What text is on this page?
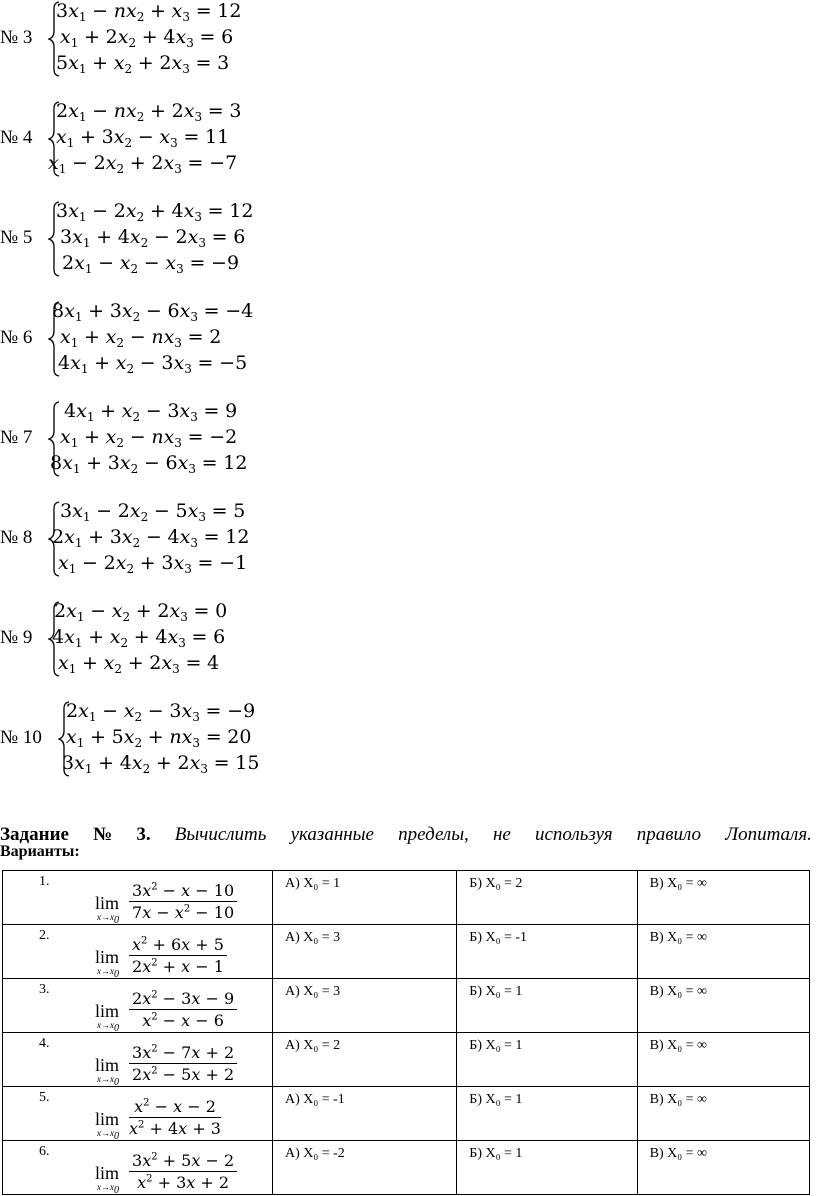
№ 3
$3x_1$  −  $nx_2$  +  $x_3$  =  12
$x_1$  +  $2x_2$  +  $4x_3$  =  6
$5x_1$  +  $x_2$  +  $2x_3$  =  3
№ 4
$2x_1$  −  $nx_2$  +  $2x_3$  =  3
$x_1$  +  $3x_2$  −  $x_3$  =  11
$x_1$  −  $2x_2$  +  $2x_3$  =  −7
№ 5
$3x_1$  −  $2x_2$  +  $4x_3$  =  12
$3x_1$  +  $4x_2$  −  $2x_3$  =  6
$2x_1$  −  $x_2$  −  $x_3$  =  −9
№ 6
$8x_1$  +  $3x_2$  −  $6x_3$  =  −4
$x_1$  +  $x_2$  −  $nx_3$  =  2
$4x_1$  +  $x_2$  −  $3x_3$  =  −5
№ 7
$4x_1$  +  $x_2$  −  $3x_3$  =  9
$x_1$  +  $x_2$  −  $nx_3$  =  −2
$8x_1$  +  $3x_2$  −  $6x_3$  =  12
№ 8
$3x_1$  −  $2x_2$  −  $5x_3$  =  5
$2x_1$  +  $3x_2$  −  $4x_3$  =  12
$x_1$  −  $2x_2$  +  $3x_3$  =  −1
№ 9
$2x_1$  −  $x_2$  +  $2x_3$  =  0
$4x_1$  +  $x_2$  +  $4x_3$  =  6
$x_1$  +  $x_2$  +  $2x_3$  =  4
№ 10
$2x_1$  −  $x_2$  −  $3x_3$  =  −9
$x_1$  +  $5x_2$  +  $nx_3$  =  20
$3x_1$  +  $4x_2$  +  $2x_3$  =  15
Задание № 3. Вычислить указанные пределы, не используя правило Лопиталя.
Варианты:
1.
lim
$x\to x_0 \frac{3x^2 - x - 10}{7x - x^2 - 10}$	А) X₀ = 1	Б) X₀ = 2	В) X₀ = ∞

2.
lim
$x\to x_0 \frac{x^2 + 6x + 5}{2x^2 + x - 1}$	А) X₀ = 3	Б) X₀ = -1	В) X₀ = ∞

3.
lim
$x\to x_0 \frac{2x^2 - 3x - 9}{x^2 - x - 6}$	А) X₀ = 3	Б) X₀ = 1	В) X₀ = ∞

4.
lim
$x\to x_0 \frac{3x^2 - 7x + 2}{2x^2 - 5x + 2}$	А) X₀ = 2	Б) X₀ = 1	В) X₀ = ∞

5.
lim
$x\to x_0 \frac{x^2 - x - 2}{x^2 + 4x + 3}$	А) X₀ = -1	Б) X₀ = 1	В) X₀ = ∞

6.
lim
$x\to x_0 \frac{3x^2 + 5x - 2}{x^2 + 3x + 2}$	А) X₀ = -2	Б) X₀ = 1	В) X₀ = ∞
